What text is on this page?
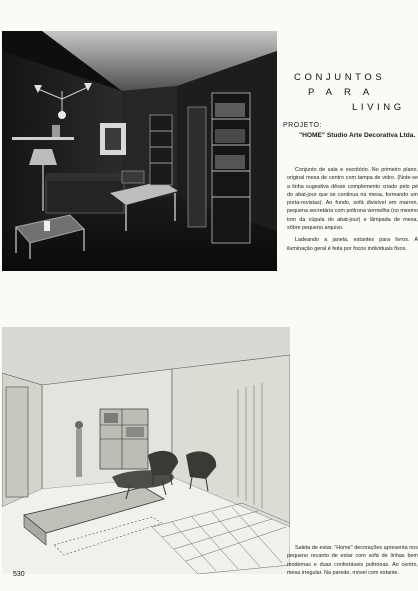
CONJUNTOS
PARA
LIVING
PROJETO:
"HOME" Studio Arte Decorativa Ltda.

Conjunto de sala e escritório. No primeiro plano, original mesa de centro com tampa de vidro. (Note-se a linha sugestiva dêsse complemento criado pelo pé do abat-jour que se continua na mesa, formando um porta-revistas). Ao fundo, sofá divisível em marron, pequena secretária com poltrona vermelha (no mesmo tom da cúpula do abat-jour) e lâmpada de mesa, sôbre pequeno arquivo.

Ladeando a janela, estantes para livros. A iluminação geral é feita por focos individuais fixos.

Saleta de estar. "Home" decorações apresenta nos pequeno recanto de estar com sofá de linhas bem modernas e duas confortáveis poltronas. Ao centro, mesa irregular. Na parede, móvel com estante.

530
